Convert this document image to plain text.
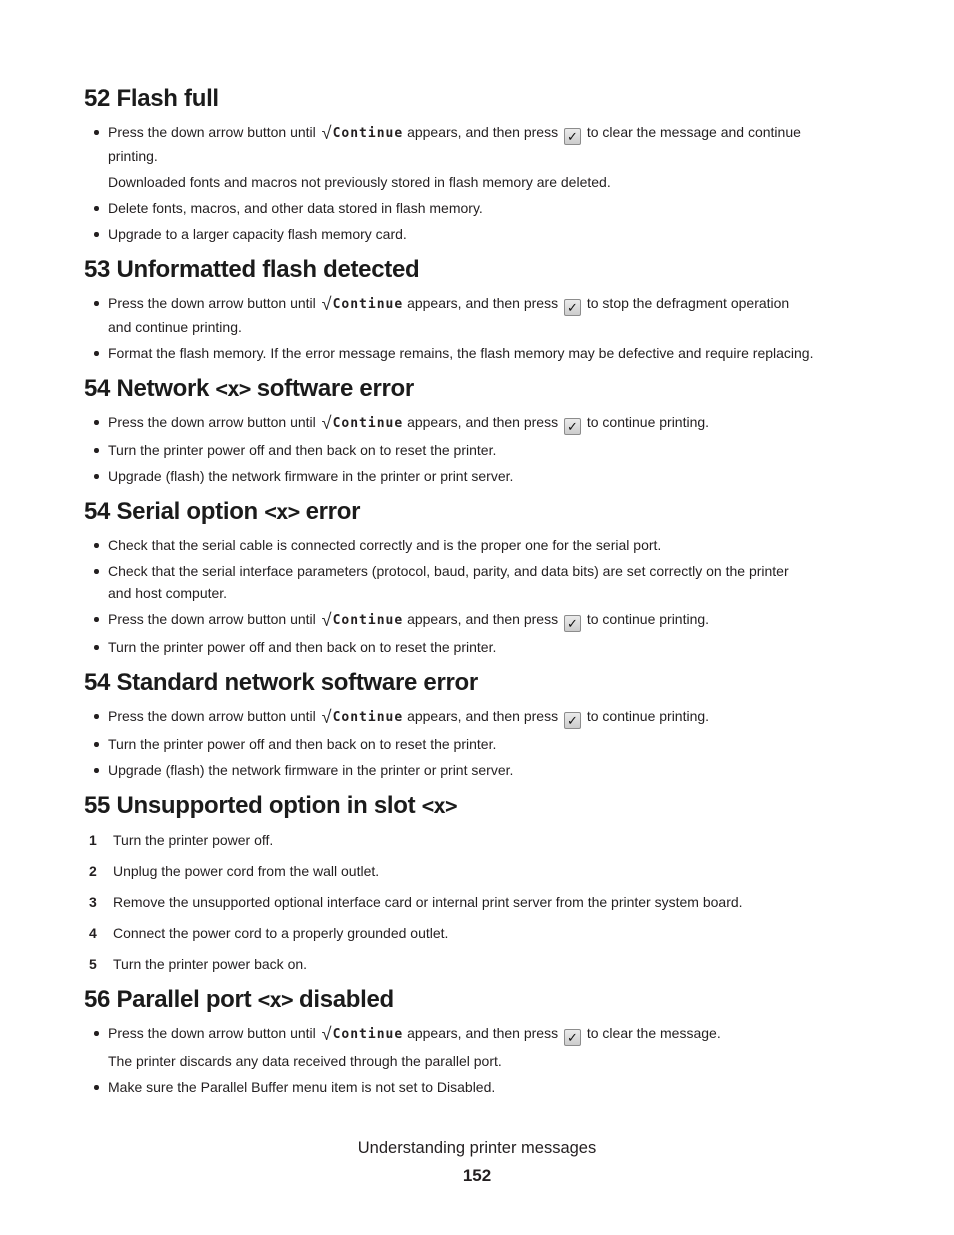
52 Flash full
Press the down arrow button until √Continue appears, and then press ✓ to clear the message and continue
printing.
Downloaded fonts and macros not previously stored in flash memory are deleted.
Delete fonts, macros, and other data stored in flash memory.
Upgrade to a larger capacity flash memory card.
53 Unformatted flash detected
Press the down arrow button until √Continue appears, and then press ✓ to stop the defragment operation
and continue printing.
Format the flash memory. If the error message remains, the flash memory may be defective and require replacing.
54 Network <x> software error
Press the down arrow button until √Continue appears, and then press ✓ to continue printing.
Turn the printer power off and then back on to reset the printer.
Upgrade (flash) the network firmware in the printer or print server.
54 Serial option <x> error
Check that the serial cable is connected correctly and is the proper one for the serial port.
Check that the serial interface parameters (protocol, baud, parity, and data bits) are set correctly on the printer
and host computer.
Press the down arrow button until √Continue appears, and then press ✓ to continue printing.
Turn the printer power off and then back on to reset the printer.
54 Standard network software error
Press the down arrow button until √Continue appears, and then press ✓ to continue printing.
Turn the printer power off and then back on to reset the printer.
Upgrade (flash) the network firmware in the printer or print server.
55 Unsupported option in slot <x>
1	Turn the printer power off.
2	Unplug the power cord from the wall outlet.
3	Remove the unsupported optional interface card or internal print server from the printer system board.
4	Connect the power cord to a properly grounded outlet.
5	Turn the printer power back on.
56 Parallel port <x> disabled
Press the down arrow button until √Continue appears, and then press ✓ to clear the message.
The printer discards any data received through the parallel port.
Make sure the Parallel Buffer menu item is not set to Disabled.
Understanding printer messages
152
